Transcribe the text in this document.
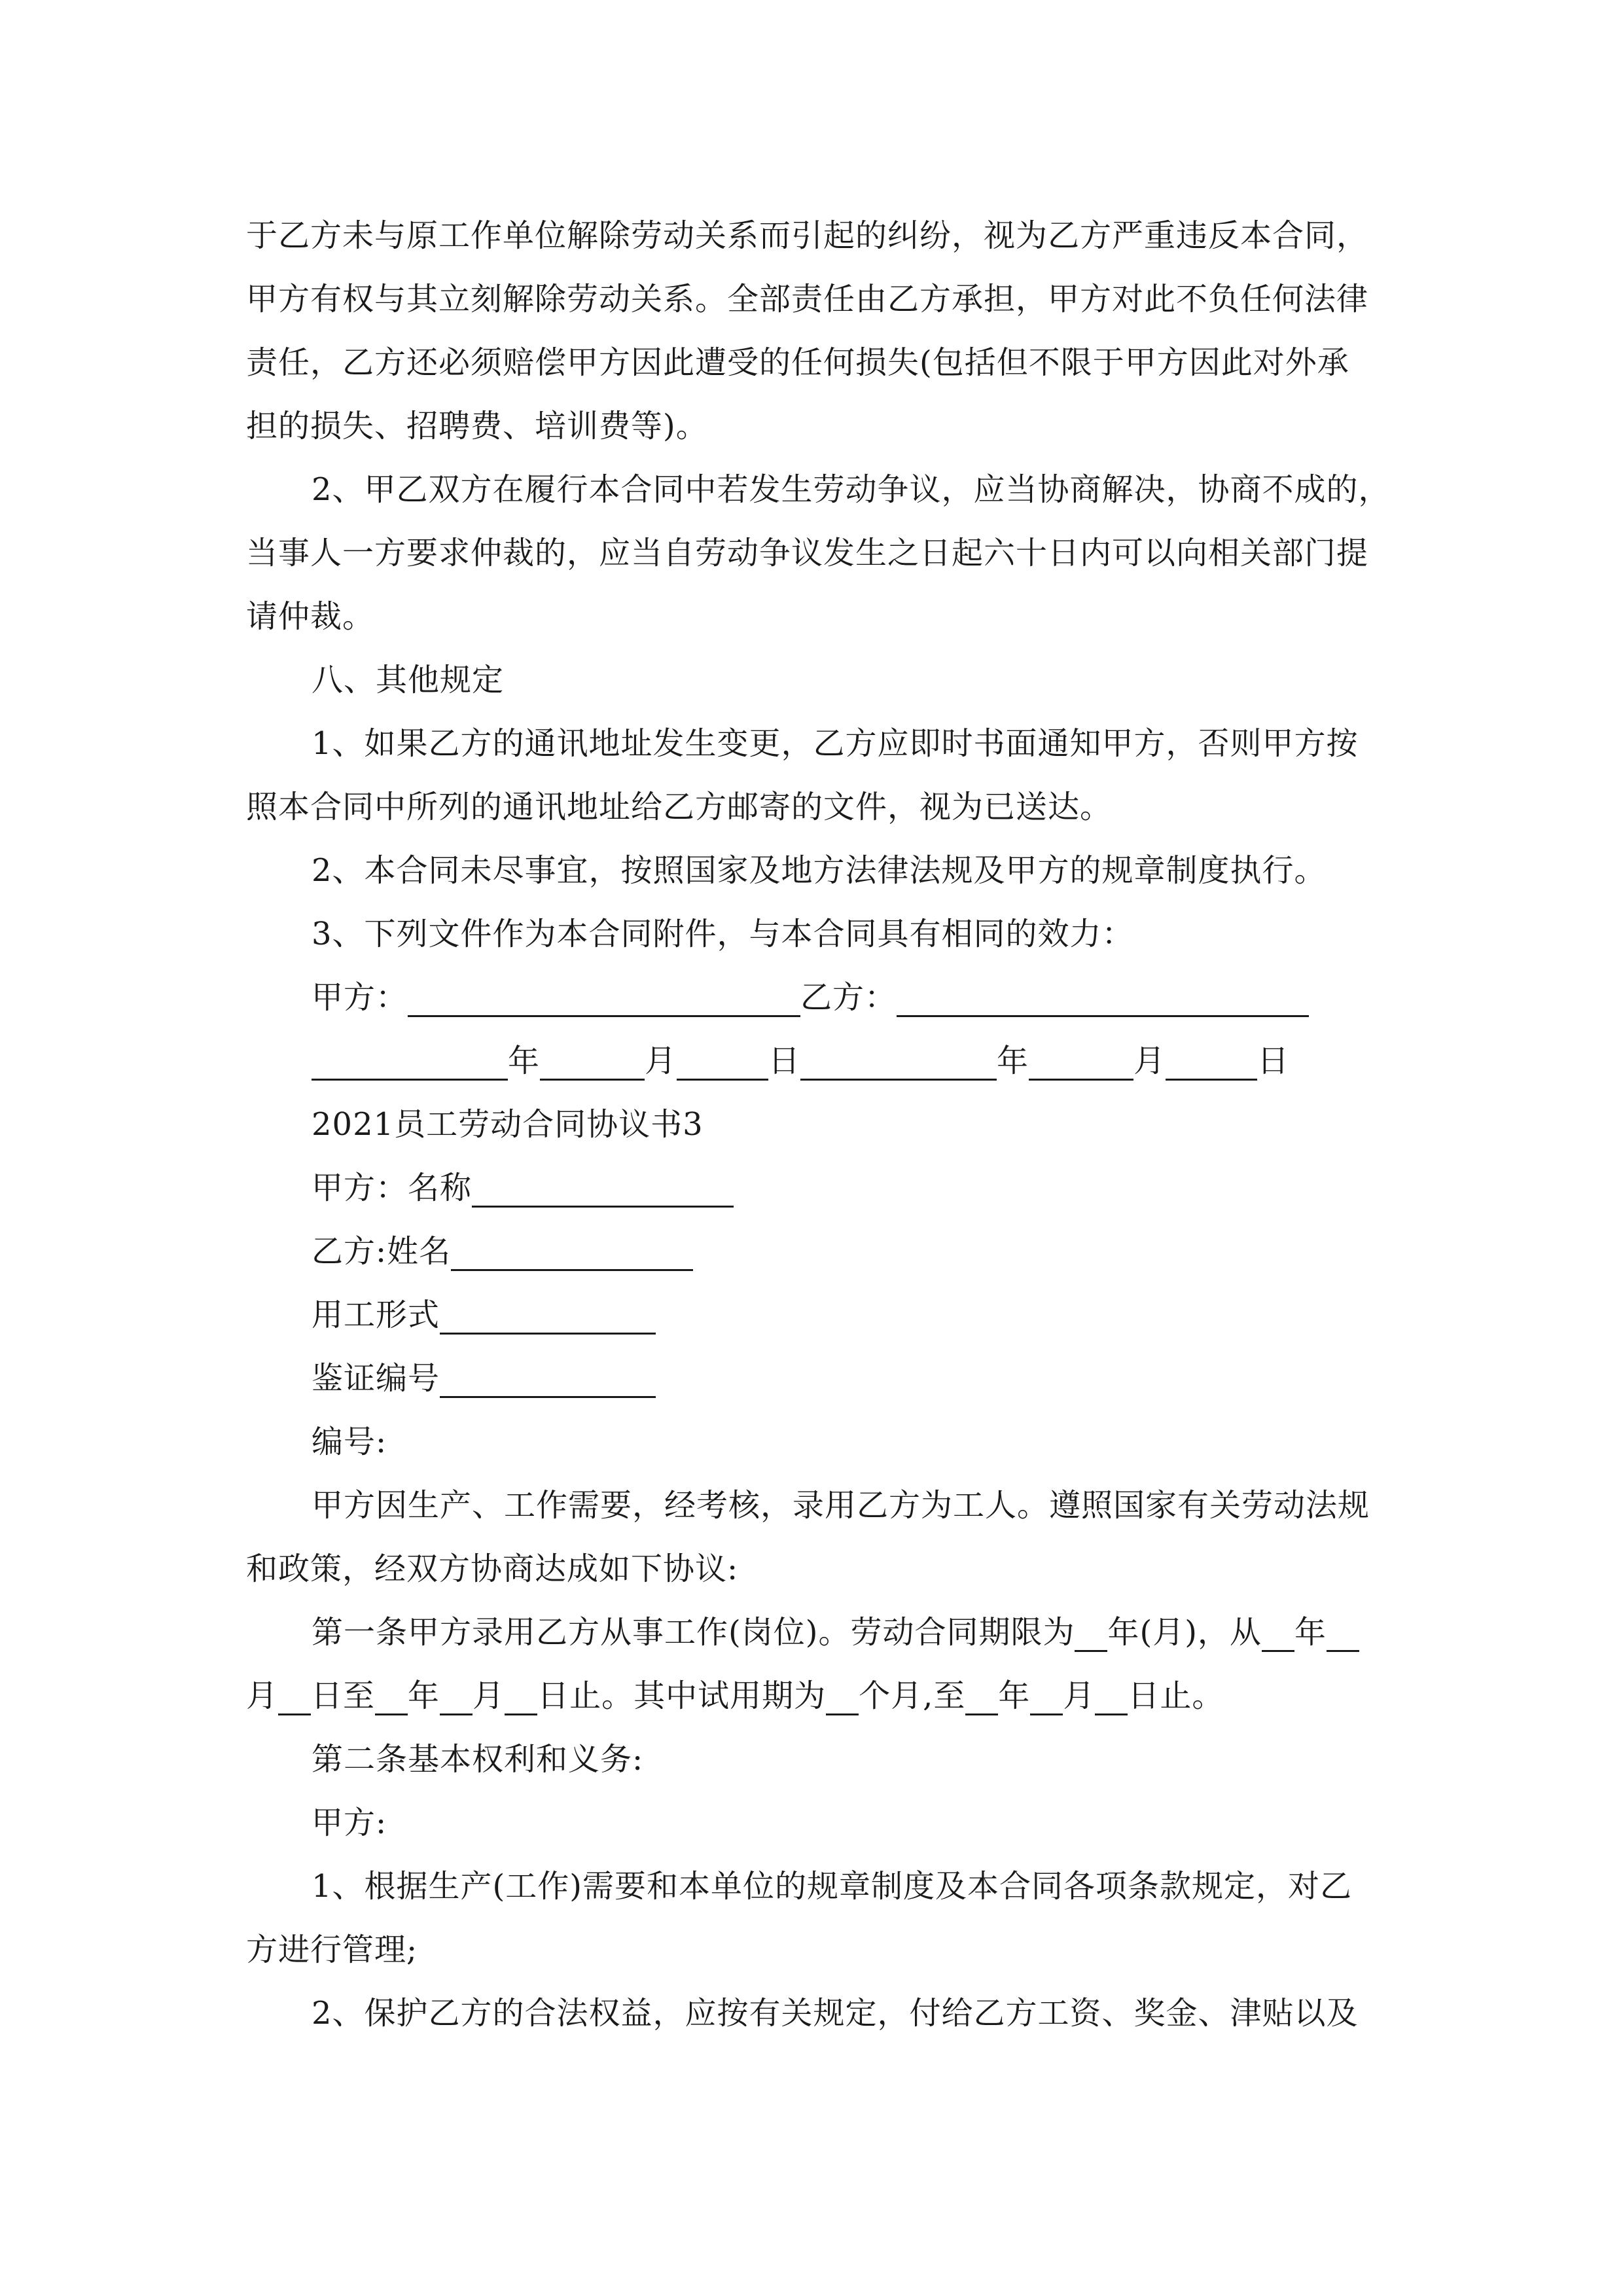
于乙方未与原工作单位解除劳动关系而引起的纠纷，视为乙方严重违反本合同，

甲方有权与其立刻解除劳动关系。全部责任由乙方承担，甲方对此不负任何法律

责任，乙方还必须赔偿甲方因此遭受的任何损失(包括但不限于甲方因此对外承

担的损失、招聘费、培训费等)。

2、甲乙双方在履行本合同中若发生劳动争议，应当协商解决，协商不成的，

当事人一方要求仲裁的，应当自劳动争议发生之日起六十日内可以向相关部门提

请仲裁。

八、其他规定

1、如果乙方的通讯地址发生变更，乙方应即时书面通知甲方，否则甲方按

照本合同中所列的通讯地址给乙方邮寄的文件，视为已送达。

2、本合同未尽事宜，按照国家及地方法律法规及甲方的规章制度执行。

3、下列文件作为本合同附件，与本合同具有相同的效力：

甲方：	乙方：

年	月	日	年	月	日

2021员工劳动合同协议书3

甲方：名称

乙方:姓名

用工形式

鉴证编号

编号:

甲方因生产、工作需要，经考核，录用乙方为工人。遵照国家有关劳动法规

和政策，经双方协商达成如下协议:

第一条甲方录用乙方从事工作(岗位)。劳动合同期限为 年(月)，从 年

月 日至 年 月 日止。其中试用期为 个月,至 年 月 日止。

第二条基本权利和义务:

甲方:

1、根据生产(工作)需要和本单位的规章制度及本合同各项条款规定，对乙

方进行管理;

2、保护乙方的合法权益，应按有关规定，付给乙方工资、奖金、津贴以及
